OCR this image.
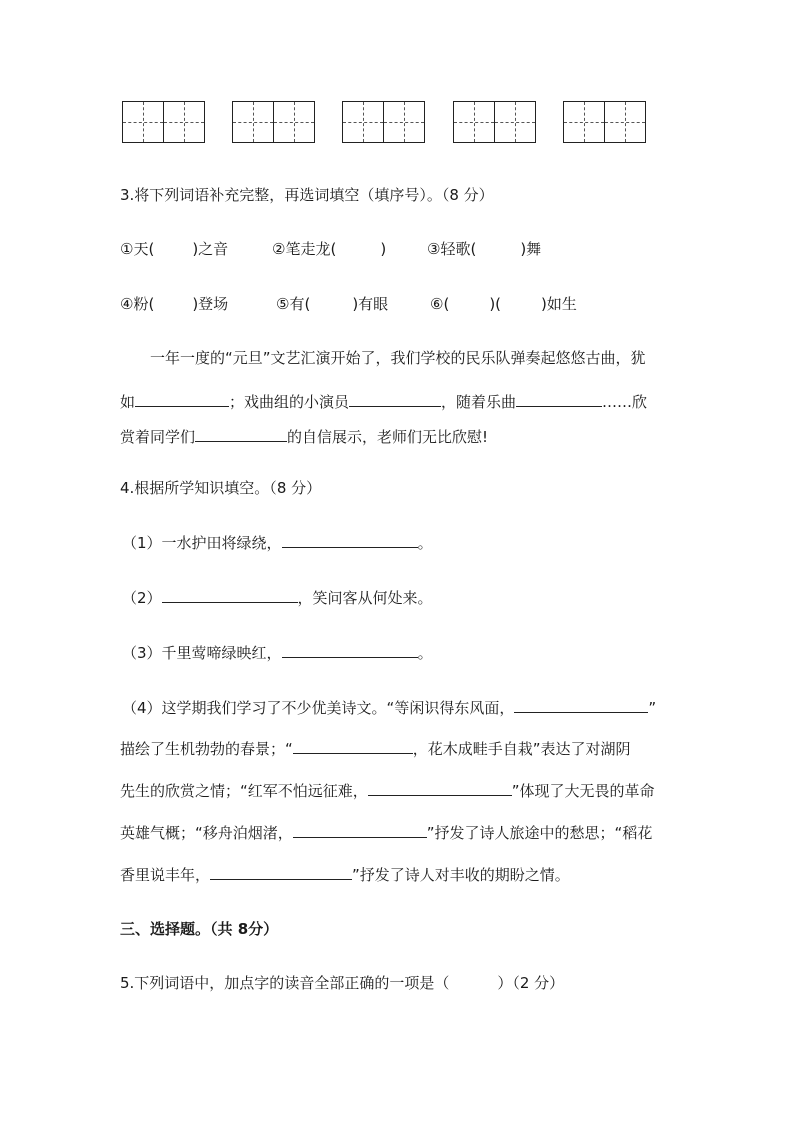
3.将下列词语补充完整，再选词填空（填序号）。（8 分）
①天(	)之音	②笔走龙(	)	③轻歌(	)舞
④粉(	)登场	⑤有(	)有眼	⑥(	)(	)如生
一年一度的“元旦”文艺汇演开始了，我们学校的民乐队弹奏起悠悠古曲，犹
如	；戏曲组的小演员	，随着乐曲	……欣
赏着同学们	的自信展示，老师们无比欣慰!
4.根据所学知识填空。（8 分）
（1）一水护田将绿绕，	。
（2）	，笑问客从何处来。
（3）千里莺啼绿映红，	。
（4）这学期我们学习了不少优美诗文。“等闲识得东风面，	”
描绘了生机勃勃的春景；“	，花木成畦手自栽”表达了对湖阴
先生的欣赏之情；“红军不怕远征难，	”体现了大无畏的革命
英雄气概；“移舟泊烟渚，	”抒发了诗人旅途中的愁思；“稻花
香里说丰年，	”抒发了诗人对丰收的期盼之情。
三、选择题。（共 8分）
5.下列词语中，加点字的读音全部正确的一项是（	）（2 分）
